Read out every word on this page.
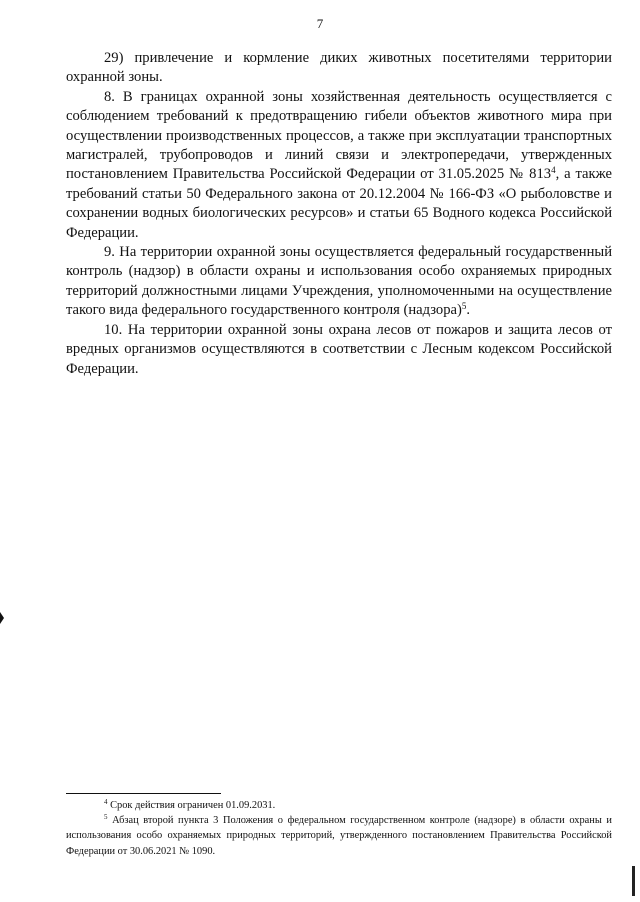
7

29) привлечение и кормление диких животных посетителями территории охранной зоны.

8. В границах охранной зоны хозяйственная деятельность осуществляется с соблюдением требований к предотвращению гибели объектов животного мира при осуществлении производственных процессов, а также при эксплуатации транспортных магистралей, трубопроводов и линий связи и электропередачи, утвержденных постановлением Правительства Российской Федерации от 31.05.2025 № $813^4$, а также требований статьи 50 Федерального закона от 20.12.2004 № 166-ФЗ «О рыболовстве и сохранении водных биологических ресурсов» и статьи 65 Водного кодекса Российской Федерации.

9. На территории охранной зоны осуществляется федеральный государственный контроль (надзор) в области охраны и использования особо охраняемых природных территорий должностными лицами Учреждения, уполномоченными на осуществление такого вида федерального государственного контроля (надзора)$^5$.

10. На территории охранной зоны охрана лесов от пожаров и защита лесов от вредных организмов осуществляются в соответствии с Лесным кодексом Российской Федерации.

$^4$ Срок действия ограничен 01.09.2031.

$^5$ Абзац второй пункта 3 Положения о федеральном государственном контроле (надзоре) в области охраны и использования особо охраняемых природных территорий, утвержденного постановлением Правительства Российской Федерации от 30.06.2021 № 1090.
